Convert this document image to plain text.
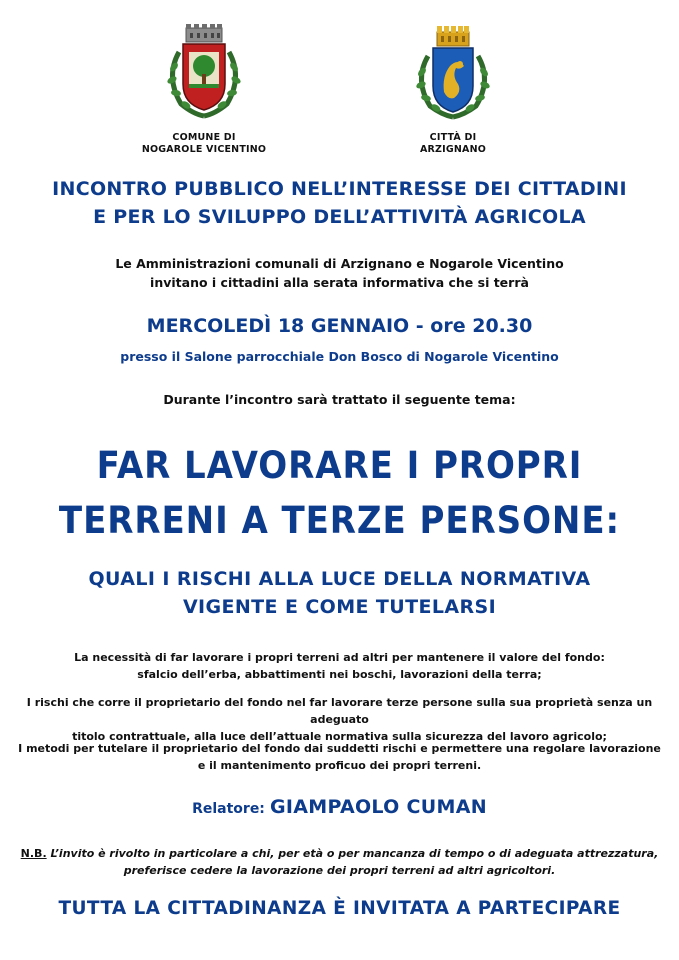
COMUNE DI
NOGAROLE VICENTINO
CITTÀ DI
ARZIGNANO
INCONTRO PUBBLICO NELL’INTERESSE DEI CITTADINI
E PER LO SVILUPPO DELL’ATTIVITÀ AGRICOLA
Le Amministrazioni comunali di Arzignano e Nogarole Vicentino
invitano i cittadini alla serata informativa che si terrà
MERCOLEDÌ 18 GENNAIO - ore 20.30
presso il Salone parrocchiale Don Bosco di Nogarole Vicentino
Durante l’incontro sarà trattato il seguente tema:
FAR LAVORARE I PROPRI
TERRENI A TERZE PERSONE:
QUALI I RISCHI ALLA LUCE DELLA NORMATIVA
VIGENTE E COME TUTELARSI
La necessità di far lavorare i propri terreni ad altri per mantenere il valore del fondo:
sfalcio dell’erba, abbattimenti nei boschi, lavorazioni della terra;
I rischi che corre il proprietario del fondo nel far lavorare terze persone sulla sua proprietà senza un adeguato
titolo contrattuale, alla luce dell’attuale normativa sulla sicurezza del lavoro agricolo;
I metodi per tutelare il proprietario del fondo dai suddetti rischi e permettere una regolare lavorazione
e il mantenimento proficuo dei propri terreni.
Relatore: GIAMPAOLO CUMAN
N.B. L’invito è rivolto in particolare a chi, per età o per mancanza di tempo o di adeguata attrezzatura,
preferisce cedere la lavorazione dei propri terreni ad altri agricoltori.
TUTTA LA CITTADINANZA È INVITATA A PARTECIPARE
